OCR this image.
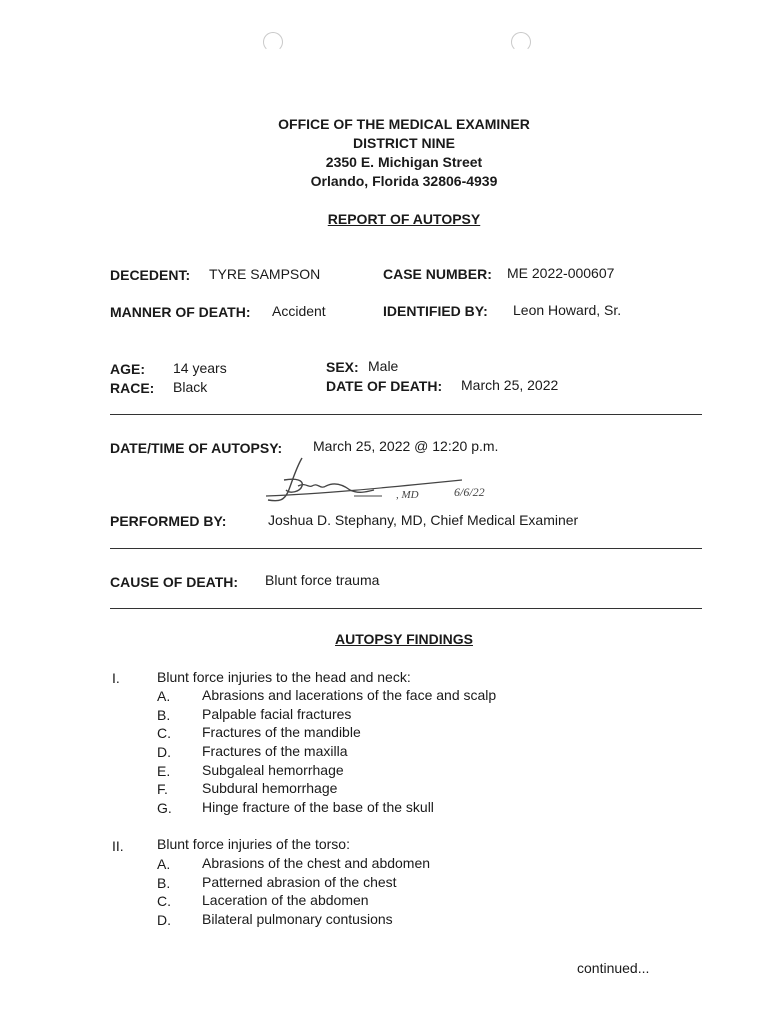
OFFICE OF THE MEDICAL EXAMINER
DISTRICT NINE
2350 E. Michigan Street
Orlando, Florida 32806-4939
REPORT OF AUTOPSY
DECEDENT: TYRE SAMPSON	CASE NUMBER: ME 2022-000607
MANNER OF DEATH: Accident	IDENTIFIED BY: Leon Howard, Sr.
AGE: 14 years
RACE: Black
SEX: Male
DATE OF DEATH: March 25, 2022
DATE/TIME OF AUTOPSY: March 25, 2022 @ 12:20 p.m.
, MD	6/6/22
PERFORMED BY:	Joshua D. Stephany, MD, Chief Medical Examiner
CAUSE OF DEATH: Blunt force trauma
AUTOPSY FINDINGS
I.	Blunt force injuries to the head and neck:
A. Abrasions and lacerations of the face and scalp
B. Palpable facial fractures
C. Fractures of the mandible
D. Fractures of the maxilla
E. Subgaleal hemorrhage
F. Subdural hemorrhage
G. Hinge fracture of the base of the skull
II. Blunt force injuries of the torso:
A. Abrasions of the chest and abdomen
B. Patterned abrasion of the chest
C. Laceration of the abdomen
D. Bilateral pulmonary contusions
continued...
